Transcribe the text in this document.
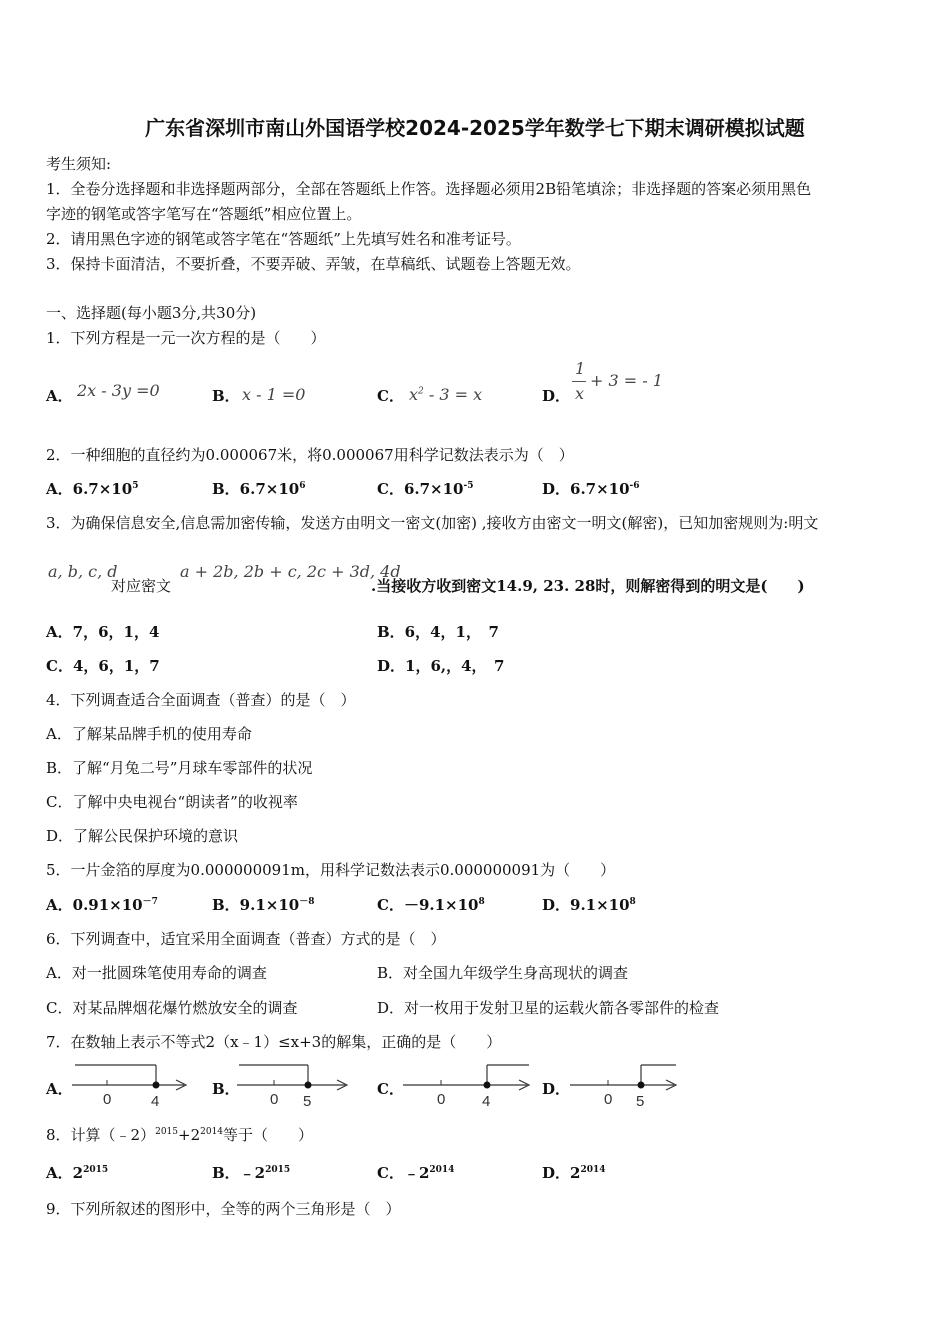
广东省深圳市南山外国语学校2024-2025学年数学七下期末调研模拟试题
考生须知:
1．全卷分选择题和非选择题两部分，全部在答题纸上作答。选择题必须用2B铅笔填涂；非选择题的答案必须用黑色
字迹的钢笔或答字笔写在“答题纸”相应位置上。
2．请用黑色字迹的钢笔或答字笔在“答题纸”上先填写姓名和准考证号。
3．保持卡面清洁，不要折叠，不要弄破、弄皱，在草稿纸、试题卷上答题无效。
一、选择题(每小题3分,共30分)
1．下列方程是一元一次方程的是（　　）
A． 2x - 3y =0	B． x - 1 =0	C． $x^2 - 3 = x$	D．
1
x
+ 3 = - 1
2．一种细胞的直径约为0.000067米，将0.000067用科学记数法表示为（　）
A．$6.7\times 10^5$	B．$6.7\times 10^6$	C．$6.7\times 10^{-5}$	D．$6.7\times 10^{-6}$
3．为确保信息安全,信息需加密传输，发送方由明文一密文(加密) ,接收方由密文一明文(解密)，已知加密规则为:明文
a, b, c, d
对应密文
a + 2b, 2b + c, 2c + 3d, 4d
.当接收方收到密文14.9, 23. 28时，则解密得到的明文是(　　)
A．7，6，1，4	B．6，4，1，　7
C．4，6，1，7	D．1，6,，4，　7
4．下列调查适合全面调查（普查）的是（　）
A．了解某品牌手机的使用寿命
B．了解“月兔二号”月球车零部件的状况
C．了解中央电视台“朗读者”的收视率
D．了解公民保护环境的意识
5．一片金箔的厚度为0.000000091m，用科学记数法表示0.000000091为（　　）
A．$0.91\times 10^{-7}$	B．$9.1\times 10^{-8}$	C．$-9.1\times 10^8$	D．$9.1\times 10^8$
6．下列调查中，适宜采用全面调查（普查）方式的是（　）
A．对一批圆珠笔使用寿命的调查	B．对全国九年级学生身高现状的调查
C．对某品牌烟花爆竹燃放安全的调查	D．对一枚用于发射卫星的运载火箭各零部件的检查
7．在数轴上表示不等式2（x﹣1）≤x+3的解集，正确的是（　　）
A．
0	4
B．
0 5
C．
0 4
D．
0 5
8．计算$(﹣2)^{2015}+2^{2014}$等于（　　）
A．$2^{2015}$	B．$﹣2^{2015}$	C．$﹣2^{2014}$	D．$2^{2014}$
9．下列所叙述的图形中，全等的两个三角形是（　）
